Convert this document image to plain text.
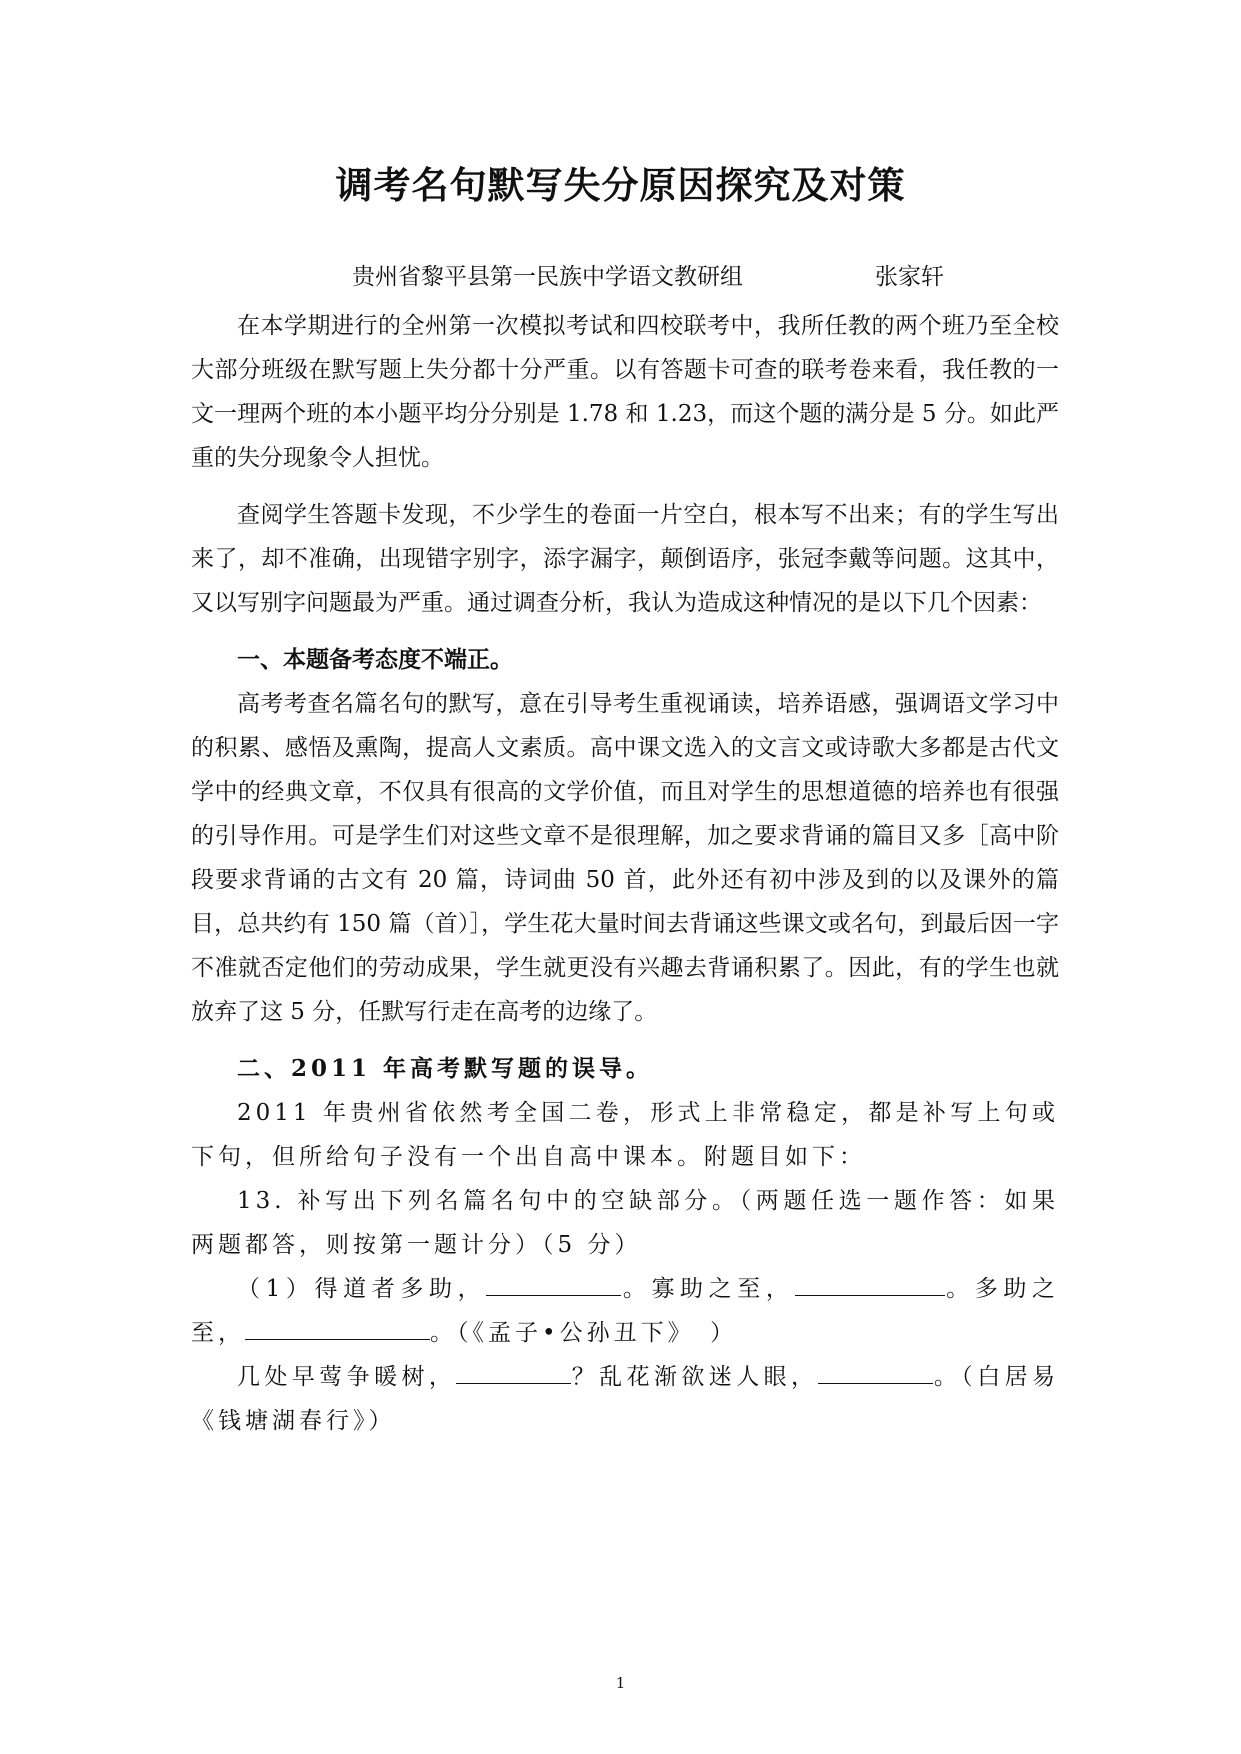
调考名句默写失分原因探究及对策
贵州省黎平县第一民族中学语文教研组	张家轩

在本学期进行的全州第一次模拟考试和四校联考中，我所任教的两个班乃至全校大部分班级在默写题上失分都十分严重。以有答题卡可查的联考卷来看，我任教的一文一理两个班的本小题平均分分别是 1.78 和 1.23，而这个题的满分是 5 分。如此严重的失分现象令人担忧。

查阅学生答题卡发现，不少学生的卷面一片空白，根本写不出来；有的学生写出来了，却不准确，出现错字别字，添字漏字，颠倒语序，张冠李戴等问题。这其中，又以写别字问题最为严重。通过调查分析，我认为造成这种情况的是以下几个因素：

一、本题备考态度不端正。

高考考查名篇名句的默写，意在引导考生重视诵读，培养语感，强调语文学习中的积累、感悟及熏陶，提高人文素质。高中课文选入的文言文或诗歌大多都是古代文学中的经典文章，不仅具有很高的文学价值，而且对学生的思想道德的培养也有很强的引导作用。可是学生们对这些文章不是很理解，加之要求背诵的篇目又多［高中阶段要求背诵的古文有 20 篇，诗词曲 50 首，此外还有初中涉及到的以及课外的篇目，总共约有 150 篇（首）］，学生花大量时间去背诵这些课文或名句，到最后因一字不准就否定他们的劳动成果，学生就更没有兴趣去背诵积累了。因此，有的学生也就放弃了这 5 分，任默写行走在高考的边缘了。

二、2011 年高考默写题的误导。

2011 年贵州省依然考全国二卷，形式上非常稳定，都是补写上句或下句，但所给句子没有一个出自高中课本。附题目如下：

13. 补写出下列名篇名句中的空缺部分。（两题任选一题作答：如果两题都答，则按第一题计分）（5 分）

（1）得道者多助，	。寡助之至，	。多助之至，	。（《孟子•公孙丑下》　）

几处早莺争暖树，	？乱花渐欲迷人眼，	。（白居易《钱塘湖春行》）

1
